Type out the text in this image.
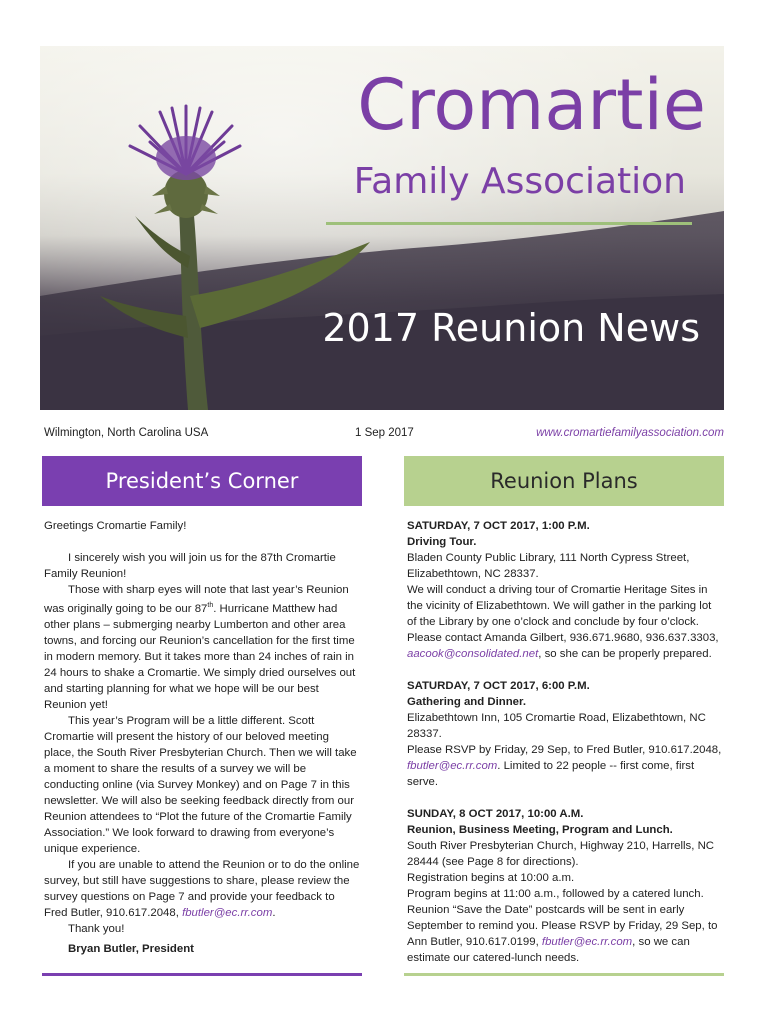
Cromartie
Family Association
2017 Reunion News
Wilmington, North Carolina USA	1 Sep 2017	www.cromartiefamilyassociation.com
President’s Corner	Reunion Plans

Greetings Cromartie Family!

I sincerely wish you will join us for the 87th Cromartie Family Reunion!

Those with sharp eyes will note that last year’s Reunion was originally going to be our 87th. Hurricane Matthew had other plans – submerging nearby Lumberton and other area towns, and forcing our Reunion’s cancellation for the first time in modern memory. But it takes more than 24 inches of rain in 24 hours to shake a Cromartie. We simply dried ourselves out and starting planning for what we hope will be our best Reunion yet!

This year’s Program will be a little different. Scott Cromartie will present the history of our beloved meeting place, the South River Presbyterian Church. Then we will take a moment to share the results of a survey we will be conducting online (via Survey Monkey) and on Page 7 in this newsletter. We will also be seeking feedback directly from our Reunion attendees to “Plot the future of the Cromartie Family Association.” We look forward to drawing from everyone’s unique experience.

If you are unable to attend the Reunion or to do the online survey, but still have suggestions to share, please review the survey questions on Page 7 and provide your feedback to Fred Butler, 910.617.2048, fbutler@ec.rr.com.

Thank you!

Bryan Butler, President

SATURDAY, 7 OCT 2017, 1:00 P.M.

Driving Tour.

Bladen County Public Library, 111 North Cypress Street, Elizabethtown, NC 28337.

We will conduct a driving tour of Cromartie Heritage Sites in the vicinity of Elizabethtown. We will gather in the parking lot of the Library by one o’clock and conclude by four o’clock. Please contact Amanda Gilbert, 936.671.9680, 936.637.3303, aacook@consolidated.net, so she can be properly prepared.

SATURDAY, 7 OCT 2017, 6:00 P.M.

Gathering and Dinner.

Elizabethtown Inn, 105 Cromartie Road, Elizabethtown, NC 28337.

Please RSVP by Friday, 29 Sep, to Fred Butler, 910.617.2048, fbutler@ec.rr.com. Limited to 22 people -- first come, first serve.

SUNDAY, 8 OCT 2017, 10:00 A.M.

Reunion, Business Meeting, Program and Lunch.

South River Presbyterian Church, Highway 210, Harrells, NC 28444 (see Page 8 for directions).

Registration begins at 10:00 a.m.

Program begins at 11:00 a.m., followed by a catered lunch.

Reunion “Save the Date” postcards will be sent in early September to remind you. Please RSVP by Friday, 29 Sep, to Ann Butler, 910.617.0199, fbutler@ec.rr.com, so we can estimate our catered-lunch needs.
